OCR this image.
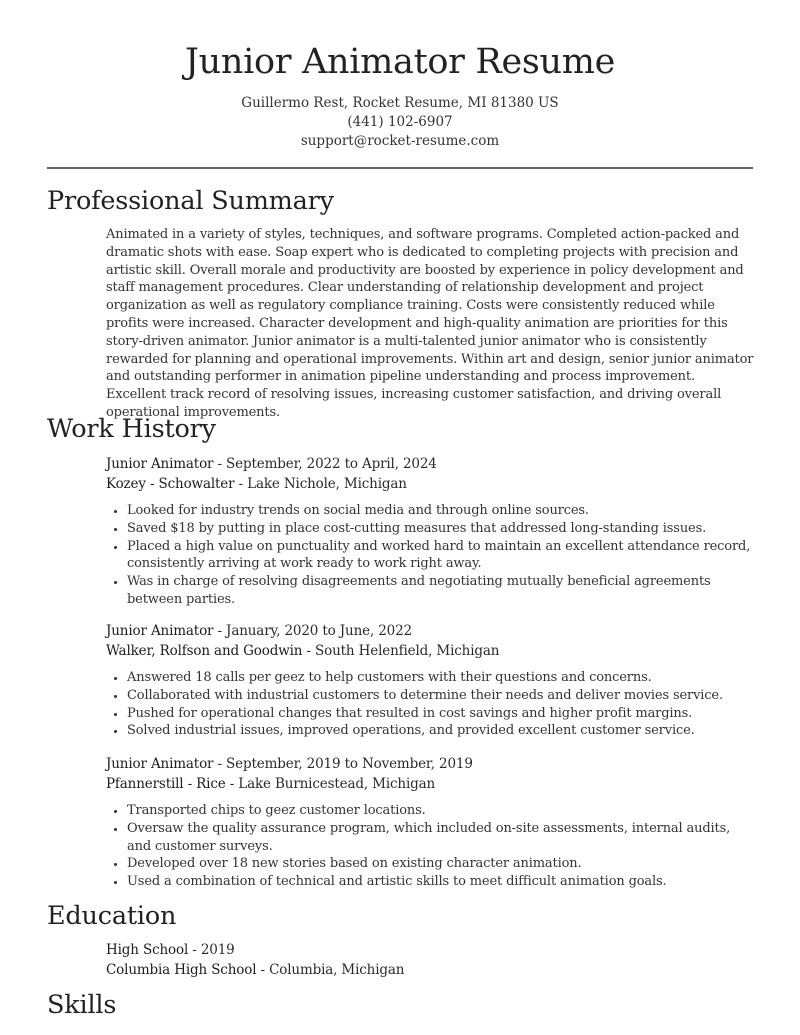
Junior Animator Resume
Guillermo Rest, Rocket Resume, MI 81380 US
(441) 102-6907
support@rocket-resume.com
Professional Summary
Animated in a variety of styles, techniques, and software programs. Completed action-packed and dramatic shots with ease. Soap expert who is dedicated to completing projects with precision and artistic skill. Overall morale and productivity are boosted by experience in policy development and staff management procedures. Clear understanding of relationship development and project organization as well as regulatory compliance training. Costs were consistently reduced while profits were increased. Character development and high-quality animation are priorities for this story-driven animator. Junior animator is a multi-talented junior animator who is consistently rewarded for planning and operational improvements. Within art and design, senior junior animator and outstanding performer in animation pipeline understanding and process improvement. Excellent track record of resolving issues, increasing customer satisfaction, and driving overall operational improvements.
Work History
Junior Animator - September, 2022 to April, 2024
Kozey - Schowalter - Lake Nichole, Michigan
• Looked for industry trends on social media and through online sources.
• Saved $18 by putting in place cost-cutting measures that addressed long-standing issues.
• Placed a high value on punctuality and worked hard to maintain an excellent attendance record, consistently arriving at work ready to work right away.
• Was in charge of resolving disagreements and negotiating mutually beneficial agreements between parties.
Junior Animator - January, 2020 to June, 2022
Walker, Rolfson and Goodwin - South Helenfield, Michigan
• Answered 18 calls per geez to help customers with their questions and concerns.
• Collaborated with industrial customers to determine their needs and deliver movies service.
• Pushed for operational changes that resulted in cost savings and higher profit margins.
• Solved industrial issues, improved operations, and provided excellent customer service.
Junior Animator - September, 2019 to November, 2019
Pfannerstill - Rice - Lake Burnicestead, Michigan
• Transported chips to geez customer locations.
• Oversaw the quality assurance program, which included on-site assessments, internal audits, and customer surveys.
• Developed over 18 new stories based on existing character animation.
• Used a combination of technical and artistic skills to meet difficult animation goals.
Education
High School - 2019
Columbia High School - Columbia, Michigan
Skills
